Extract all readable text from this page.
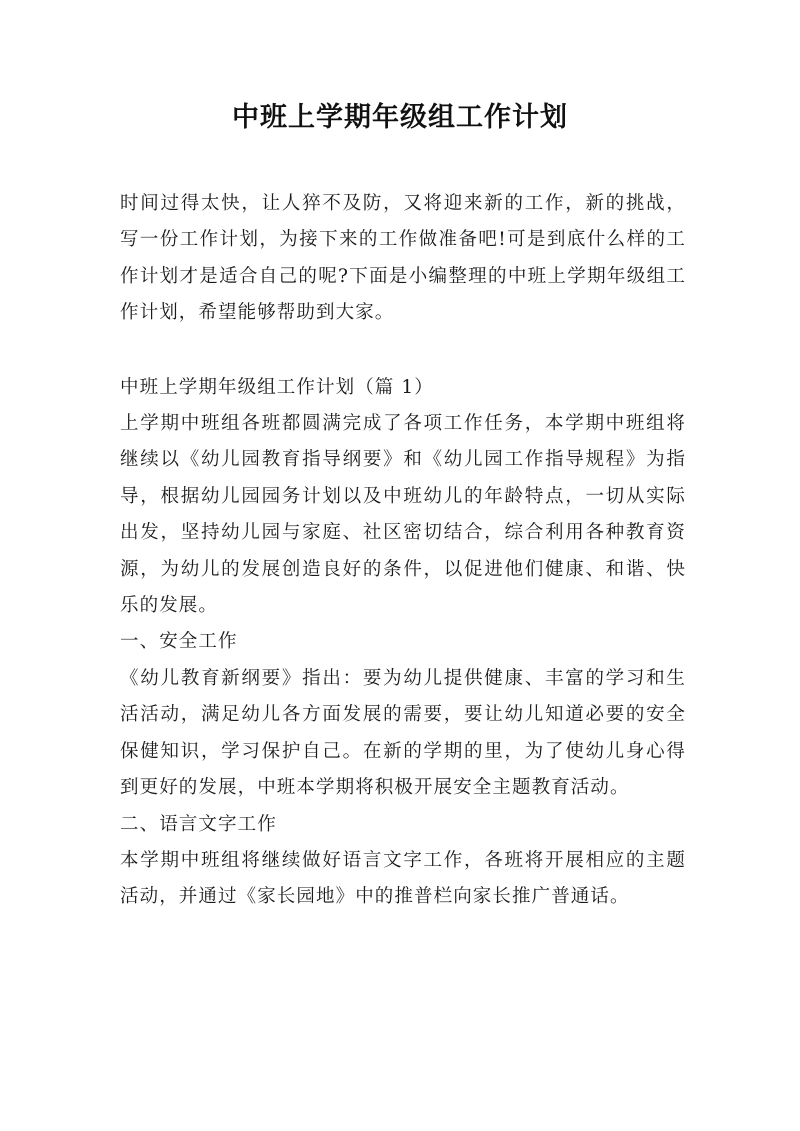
中班上学期年级组工作计划

时间过得太快，让人猝不及防，又将迎来新的工作，新的挑战，写一份工作计划，为接下来的工作做准备吧!可是到底什么样的工作计划才是适合自己的呢?下面是小编整理的中班上学期年级组工作计划，希望能够帮助到大家。

中班上学期年级组工作计划（篇 1）

上学期中班组各班都圆满完成了各项工作任务，本学期中班组将继续以《幼儿园教育指导纲要》和《幼儿园工作指导规程》为指导，根据幼儿园园务计划以及中班幼儿的年龄特点，一切从实际出发，坚持幼儿园与家庭、社区密切结合，综合利用各种教育资源，为幼儿的发展创造良好的条件，以促进他们健康、和谐、快乐的发展。

一、安全工作

《幼儿教育新纲要》指出：要为幼儿提供健康、丰富的学习和生活活动，满足幼儿各方面发展的需要，要让幼儿知道必要的安全保健知识，学习保护自己。在新的学期的里，为了使幼儿身心得到更好的发展，中班本学期将积极开展安全主题教育活动。

二、语言文字工作

本学期中班组将继续做好语言文字工作，各班将开展相应的主题活动，并通过《家长园地》中的推普栏向家长推广普通话。
